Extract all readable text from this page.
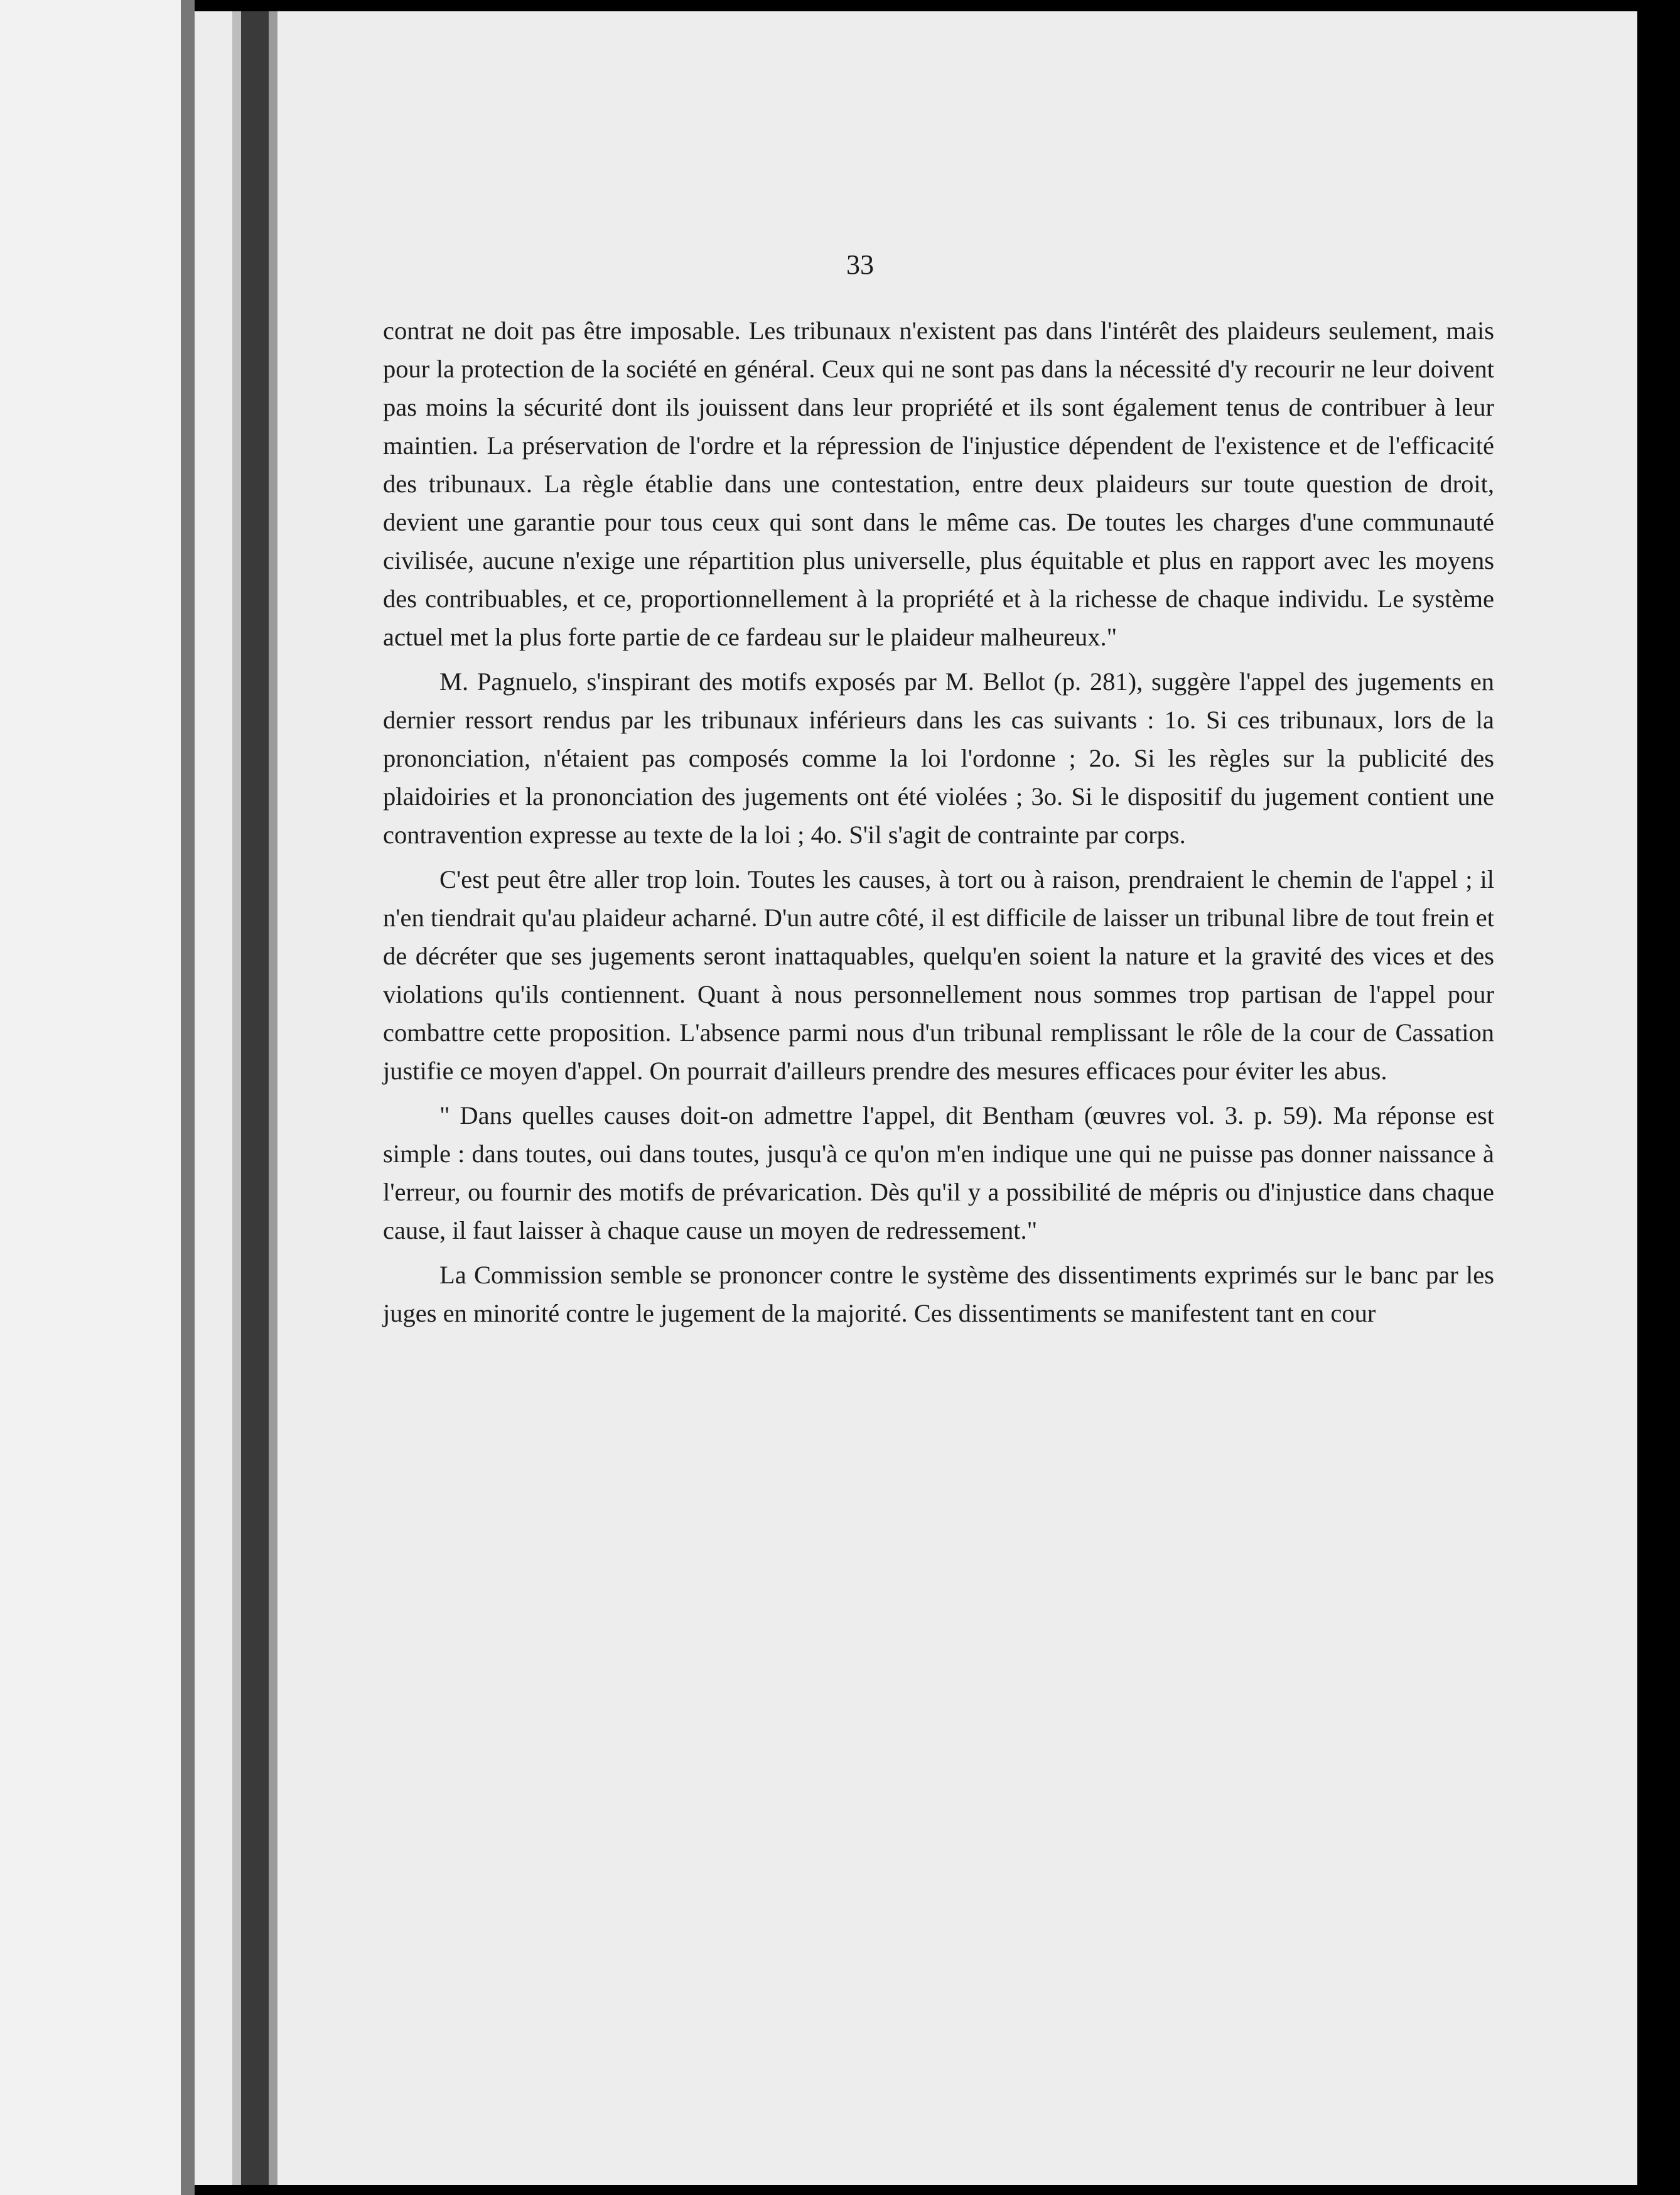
33

contrat ne doit pas être imposable. Les tribunaux n'existent pas dans l'intérêt des plaideurs seulement, mais pour la protection de la société en général. Ceux qui ne sont pas dans la nécessité d'y recourir ne leur doivent pas moins la sécurité dont ils jouissent dans leur propriété et ils sont également tenus de contribuer à leur maintien. La préservation de l'ordre et la répression de l'injustice dépendent de l'existence et de l'efficacité des tribunaux. La règle établie dans une contestation, entre deux plaideurs sur toute question de droit, devient une garantie pour tous ceux qui sont dans le même cas. De toutes les charges d'une communauté civilisée, aucune n'exige une répartition plus universelle, plus équitable et plus en rapport avec les moyens des contribuables, et ce, proportionnellement à la propriété et à la richesse de chaque individu. Le système actuel met la plus forte partie de ce fardeau sur le plaideur malheureux."

M. Pagnuelo, s'inspirant des motifs exposés par M. Bellot (p. 281), suggère l'appel des jugements en dernier ressort rendus par les tribunaux inférieurs dans les cas suivants : 1o. Si ces tribunaux, lors de la prononciation, n'étaient pas composés comme la loi l'ordonne ; 2o. Si les règles sur la publicité des plaidoiries et la prononciation des jugements ont été violées ; 3o. Si le dispositif du jugement contient une contravention expresse au texte de la loi ; 4o. S'il s'agit de contrainte par corps.

C'est peut être aller trop loin. Toutes les causes, à tort ou à raison, prendraient le chemin de l'appel ; il n'en tiendrait qu'au plaideur acharné. D'un autre côté, il est difficile de laisser un tribunal libre de tout frein et de décréter que ses jugements seront inattaquables, quelqu'en soient la nature et la gravité des vices et des violations qu'ils contiennent. Quant à nous personnellement nous sommes trop partisan de l'appel pour combattre cette proposition. L'absence parmi nous d'un tribunal remplissant le rôle de la cour de Cassation justifie ce moyen d'appel. On pourrait d'ailleurs prendre des mesures efficaces pour éviter les abus.

" Dans quelles causes doit-on admettre l'appel, dit Bentham (œuvres vol. 3. p. 59). Ma réponse est simple : dans toutes, oui dans toutes, jusqu'à ce qu'on m'en indique une qui ne puisse pas donner naissance à l'erreur, ou fournir des motifs de prévarication. Dès qu'il y a possibilité de mépris ou d'injustice dans chaque cause, il faut laisser à chaque cause un moyen de redressement."

La Commission semble se prononcer contre le système des dissentiments exprimés sur le banc par les juges en minorité contre le jugement de la majorité. Ces dissentiments se manifestent tant en cour
